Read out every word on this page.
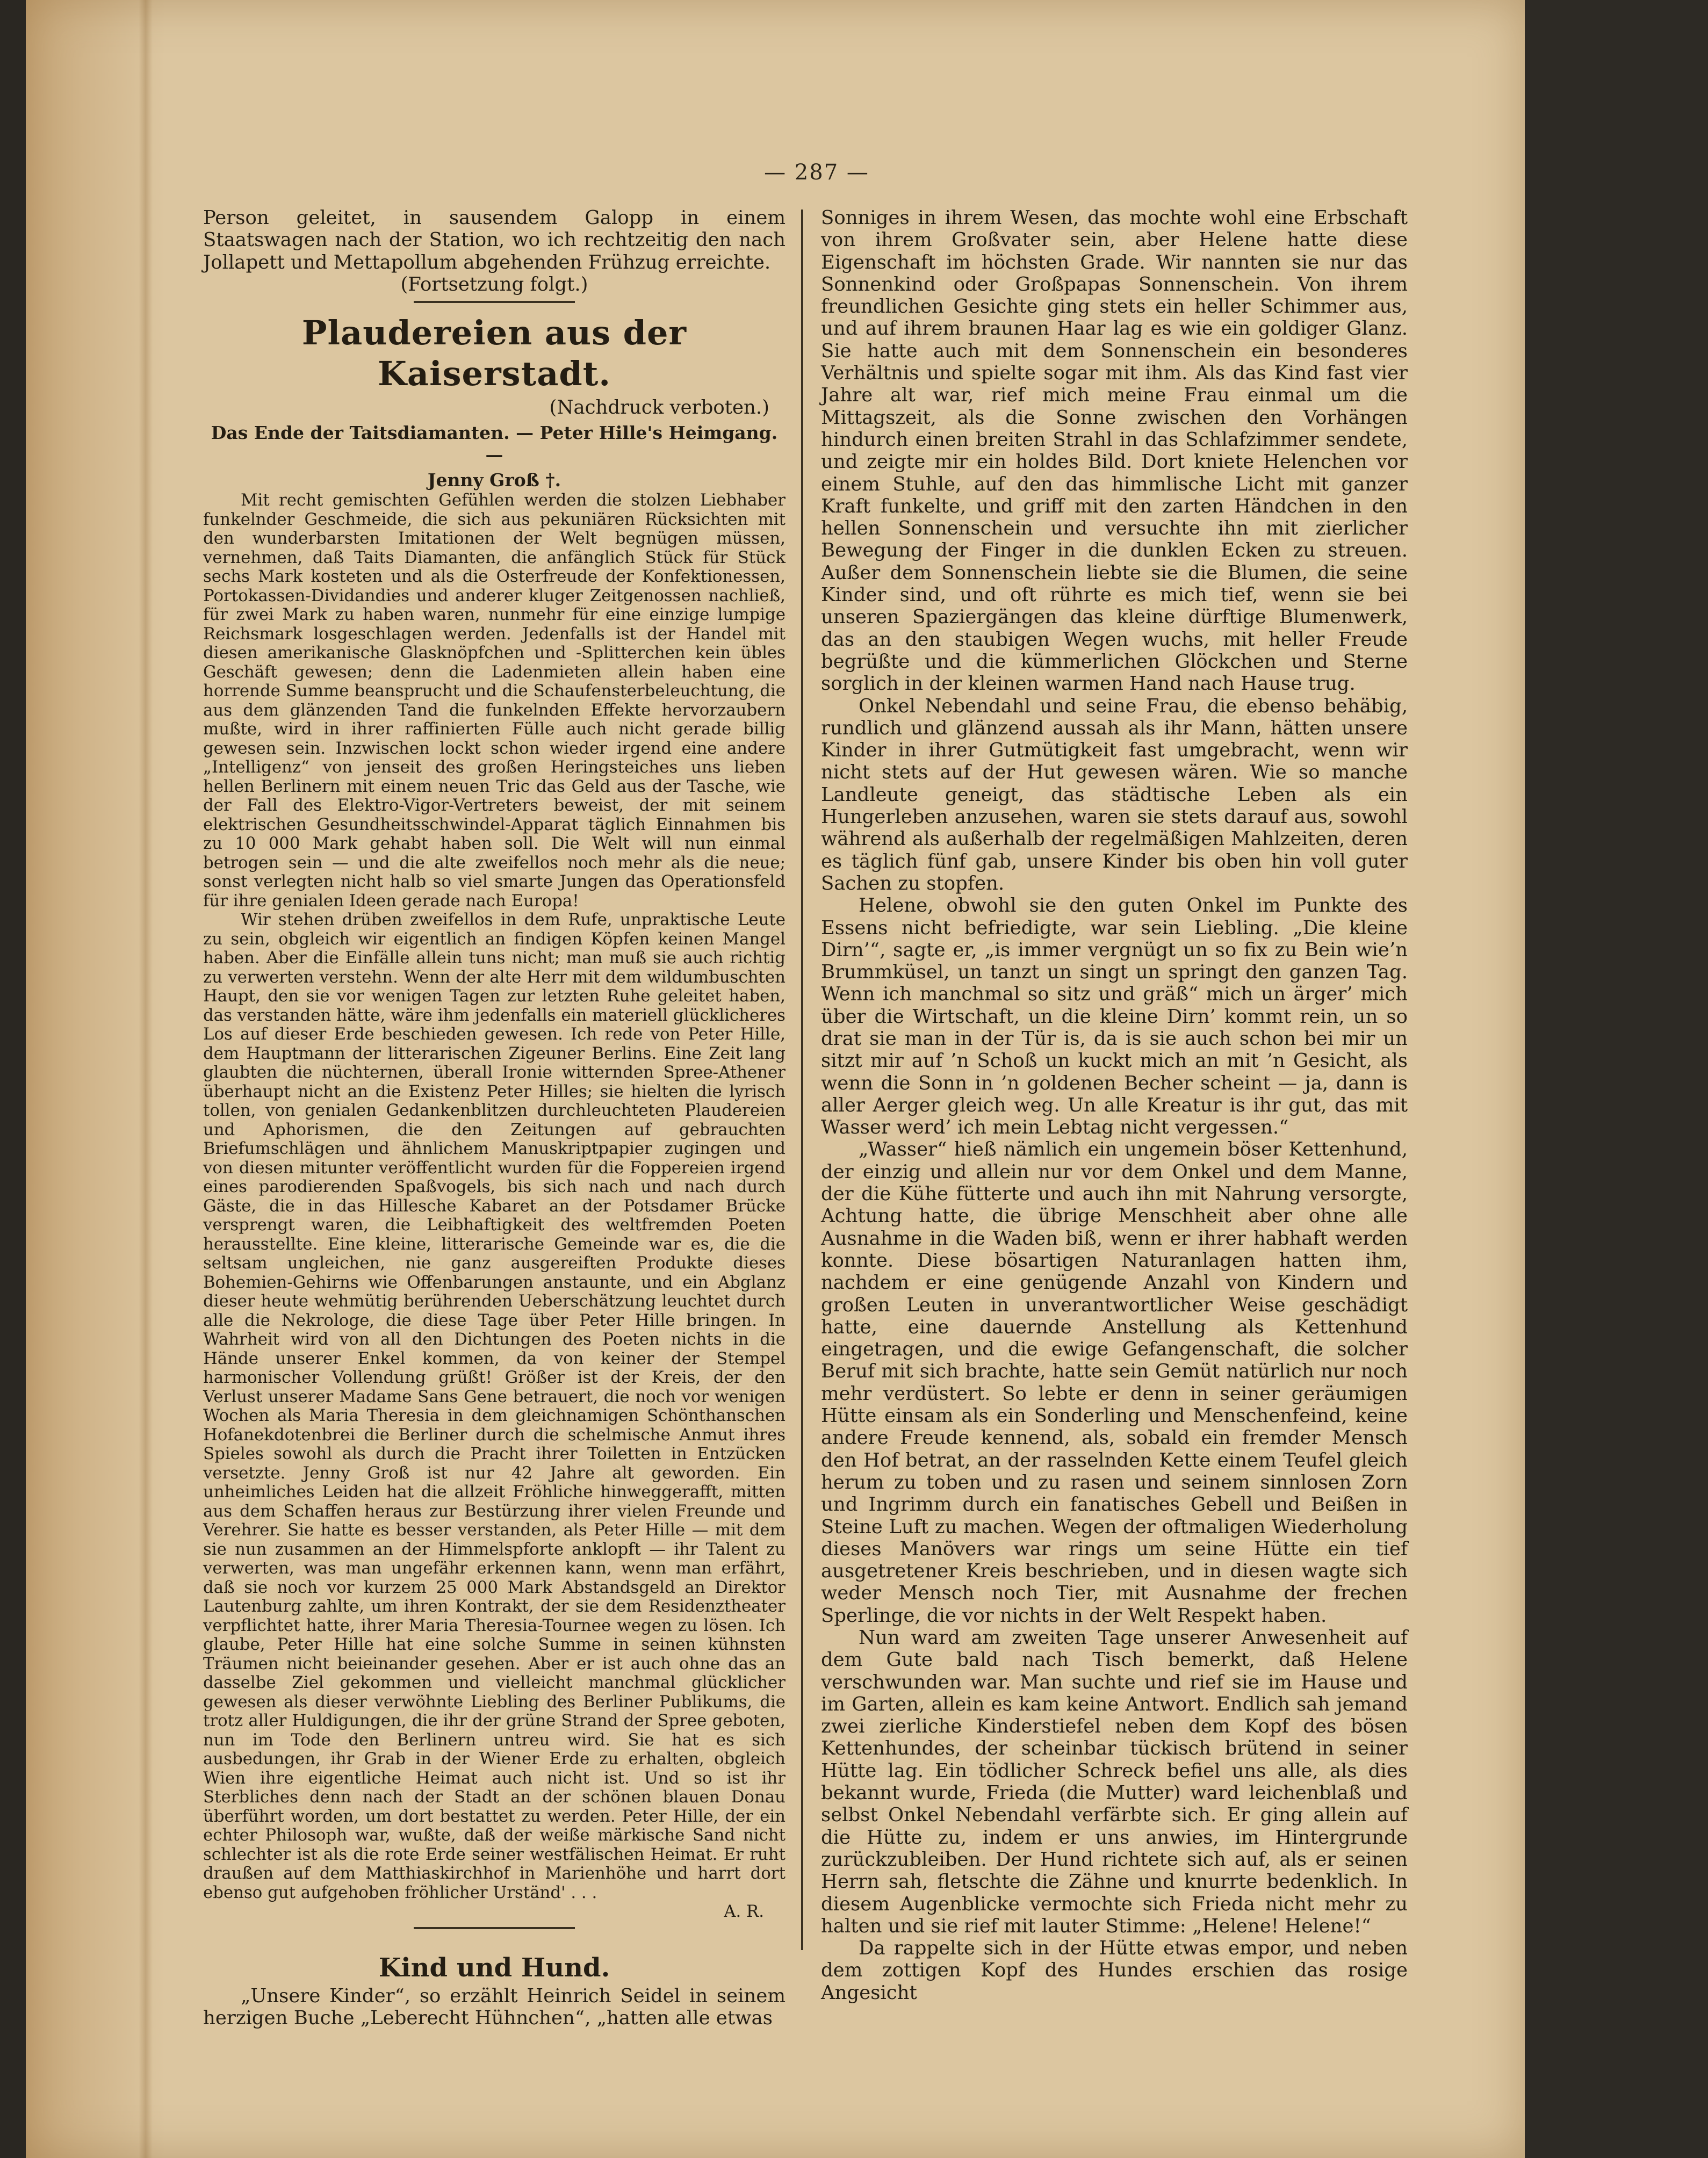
— 287 —

Person geleitet, in sausendem Galopp in einem Staatswagen nach der Station, wo ich rechtzeitig den nach Jollapett und Mettapollum abgehenden Frühzug erreichte.

(Fortsetzung folgt.)

Plaudereien aus der Kaiserstadt.

(Nachdruck verboten.)

Das Ende der Taitsdiamanten. — Peter Hille's Heimgang. —

Jenny Groß †.

Mit recht gemischten Gefühlen werden die stolzen Liebhaber funkelnder Geschmeide, die sich aus pekuniären Rücksichten mit den wunderbarsten Imitationen der Welt begnügen müssen, vernehmen, daß Taits Diamanten, die anfänglich Stück für Stück sechs Mark kosteten und als die Osterfreude der Konfektionessen, Portokassen-Dividandies und anderer kluger Zeitgenossen nachließ, für zwei Mark zu haben waren, nunmehr für eine einzige lumpige Reichsmark losgeschlagen werden. Jedenfalls ist der Handel mit diesen amerikanische Glasknöpfchen und -Splitterchen kein übles Geschäft gewesen; denn die Ladenmieten allein haben eine horrende Summe beansprucht und die Schaufensterbeleuchtung, die aus dem glänzenden Tand die funkelnden Effekte hervorzaubern mußte, wird in ihrer raffinierten Fülle auch nicht gerade billig gewesen sein. Inzwischen lockt schon wieder irgend eine andere „Intelligenz“ von jenseit des großen Heringsteiches uns lieben hellen Berlinern mit einem neuen Tric das Geld aus der Tasche, wie der Fall des Elektro-Vigor-Vertreters beweist, der mit seinem elektrischen Gesundheitsschwindel-Apparat täglich Einnahmen bis zu 10 000 Mark gehabt haben soll. Die Welt will nun einmal betrogen sein — und die alte zweifellos noch mehr als die neue; sonst verlegten nicht halb so viel smarte Jungen das Operationsfeld für ihre genialen Ideen gerade nach Europa!

Wir stehen drüben zweifellos in dem Rufe, unpraktische Leute zu sein, obgleich wir eigentlich an findigen Köpfen keinen Mangel haben. Aber die Einfälle allein tuns nicht; man muß sie auch richtig zu verwerten verstehn. Wenn der alte Herr mit dem wildumbuschten Haupt, den sie vor wenigen Tagen zur letzten Ruhe geleitet haben, das verstanden hätte, wäre ihm jedenfalls ein materiell glücklicheres Los auf dieser Erde beschieden gewesen. Ich rede von Peter Hille, dem Hauptmann der litterarischen Zigeuner Berlins. Eine Zeit lang glaubten die nüchternen, überall Ironie witternden Spree-Athener überhaupt nicht an die Existenz Peter Hilles; sie hielten die lyrisch tollen, von genialen Gedankenblitzen durchleuchteten Plaudereien und Aphorismen, die den Zeitungen auf gebrauchten Briefumschlägen und ähnlichem Manuskriptpapier zugingen und von diesen mitunter veröffentlicht wurden für die Foppereien irgend eines parodierenden Spaßvogels, bis sich nach und nach durch Gäste, die in das Hillesche Kabaret an der Potsdamer Brücke versprengt waren, die Leibhaftigkeit des weltfremden Poeten herausstellte. Eine kleine, litterarische Gemeinde war es, die die seltsam ungleichen, nie ganz ausgereiften Produkte dieses Bohemien-Gehirns wie Offenbarungen anstaunte, und ein Abglanz dieser heute wehmütig berührenden Ueberschätzung leuchtet durch alle die Nekrologe, die diese Tage über Peter Hille bringen. In Wahrheit wird von all den Dichtungen des Poeten nichts in die Hände unserer Enkel kommen, da von keiner der Stempel harmonischer Vollendung grüßt! Größer ist der Kreis, der den Verlust unserer Madame Sans Gene betrauert, die noch vor wenigen Wochen als Maria Theresia in dem gleichnamigen Schönthanschen Hofanekdotenbrei die Berliner durch die schelmische Anmut ihres Spieles sowohl als durch die Pracht ihrer Toiletten in Entzücken versetzte. Jenny Groß ist nur 42 Jahre alt geworden. Ein unheimliches Leiden hat die allzeit Fröhliche hinweggerafft, mitten aus dem Schaffen heraus zur Bestürzung ihrer vielen Freunde und Verehrer. Sie hatte es besser verstanden, als Peter Hille — mit dem sie nun zusammen an der Himmelspforte anklopft — ihr Talent zu verwerten, was man ungefähr erkennen kann, wenn man erfährt, daß sie noch vor kurzem 25 000 Mark Abstandsgeld an Direktor Lautenburg zahlte, um ihren Kontrakt, der sie dem Residenztheater verpflichtet hatte, ihrer Maria Theresia-Tournee wegen zu lösen. Ich glaube, Peter Hille hat eine solche Summe in seinen kühnsten Träumen nicht beieinander gesehen. Aber er ist auch ohne das an dasselbe Ziel gekommen und vielleicht manchmal glücklicher gewesen als dieser verwöhnte Liebling des Berliner Publikums, die trotz aller Huldigungen, die ihr der grüne Strand der Spree geboten, nun im Tode den Berlinern untreu wird. Sie hat es sich ausbedungen, ihr Grab in der Wiener Erde zu erhalten, obgleich Wien ihre eigentliche Heimat auch nicht ist. Und so ist ihr Sterbliches denn nach der Stadt an der schönen blauen Donau überführt worden, um dort bestattet zu werden. Peter Hille, der ein echter Philosoph war, wußte, daß der weiße märkische Sand nicht schlechter ist als die rote Erde seiner westfälischen Heimat. Er ruht draußen auf dem Matthiaskirchhof in Marienhöhe und harrt dort ebenso gut aufgehoben fröhlicher Urständ' . . .

A. R.

Kind und Hund.

„Unsere Kinder“, so erzählt Heinrich Seidel in seinem herzigen Buche „Leberecht Hühnchen“, „hatten alle etwas

Sonniges in ihrem Wesen, das mochte wohl eine Erbschaft von ihrem Großvater sein, aber Helene hatte diese Eigenschaft im höchsten Grade. Wir nannten sie nur das Sonnenkind oder Großpapas Sonnenschein. Von ihrem freundlichen Gesichte ging stets ein heller Schimmer aus, und auf ihrem braunen Haar lag es wie ein goldiger Glanz. Sie hatte auch mit dem Sonnenschein ein besonderes Verhältnis und spielte sogar mit ihm. Als das Kind fast vier Jahre alt war, rief mich meine Frau einmal um die Mittagszeit, als die Sonne zwischen den Vorhängen hindurch einen breiten Strahl in das Schlafzimmer sendete, und zeigte mir ein holdes Bild. Dort kniete Helenchen vor einem Stuhle, auf den das himmlische Licht mit ganzer Kraft funkelte, und griff mit den zarten Händchen in den hellen Sonnenschein und versuchte ihn mit zierlicher Bewegung der Finger in die dunklen Ecken zu streuen. Außer dem Sonnenschein liebte sie die Blumen, die seine Kinder sind, und oft rührte es mich tief, wenn sie bei unseren Spaziergängen das kleine dürftige Blumenwerk, das an den staubigen Wegen wuchs, mit heller Freude begrüßte und die kümmerlichen Glöckchen und Sterne sorglich in der kleinen warmen Hand nach Hause trug.

Onkel Nebendahl und seine Frau, die ebenso behäbig, rundlich und glänzend aussah als ihr Mann, hätten unsere Kinder in ihrer Gutmütigkeit fast umgebracht, wenn wir nicht stets auf der Hut gewesen wären. Wie so manche Landleute geneigt, das städtische Leben als ein Hungerleben anzusehen, waren sie stets darauf aus, sowohl während als außerhalb der regelmäßigen Mahlzeiten, deren es täglich fünf gab, unsere Kinder bis oben hin voll guter Sachen zu stopfen.

Helene, obwohl sie den guten Onkel im Punkte des Essens nicht befriedigte, war sein Liebling. „Die kleine Dirn’“, sagte er, „is immer vergnügt un so fix zu Bein wie’n Brummküsel, un tanzt un singt un springt den ganzen Tag. Wenn ich manchmal so sitz und gräß“ mich un ärger’ mich über die Wirtschaft, un die kleine Dirn’ kommt rein, un so drat sie man in der Tür is, da is sie auch schon bei mir un sitzt mir auf ’n Schoß un kuckt mich an mit ’n Gesicht, als wenn die Sonn in ’n goldenen Becher scheint — ja, dann is aller Aerger gleich weg. Un alle Kreatur is ihr gut, das mit Wasser werd’ ich mein Lebtag nicht vergessen.“

„Wasser“ hieß nämlich ein ungemein böser Kettenhund, der einzig und allein nur vor dem Onkel und dem Manne, der die Kühe fütterte und auch ihn mit Nahrung versorgte, Achtung hatte, die übrige Menschheit aber ohne alle Ausnahme in die Waden biß, wenn er ihrer habhaft werden konnte. Diese bösartigen Naturanlagen hatten ihm, nachdem er eine genügende Anzahl von Kindern und großen Leuten in unverantwortlicher Weise geschädigt hatte, eine dauernde Anstellung als Kettenhund eingetragen, und die ewige Gefangenschaft, die solcher Beruf mit sich brachte, hatte sein Gemüt natürlich nur noch mehr verdüstert. So lebte er denn in seiner geräumigen Hütte einsam als ein Sonderling und Menschenfeind, keine andere Freude kennend, als, sobald ein fremder Mensch den Hof betrat, an der rasselnden Kette einem Teufel gleich herum zu toben und zu rasen und seinem sinnlosen Zorn und Ingrimm durch ein fanatisches Gebell und Beißen in Steine Luft zu machen. Wegen der oftmaligen Wiederholung dieses Manövers war rings um seine Hütte ein tief ausgetretener Kreis beschrieben, und in diesen wagte sich weder Mensch noch Tier, mit Ausnahme der frechen Sperlinge, die vor nichts in der Welt Respekt haben.

Nun ward am zweiten Tage unserer Anwesenheit auf dem Gute bald nach Tisch bemerkt, daß Helene verschwunden war. Man suchte und rief sie im Hause und im Garten, allein es kam keine Antwort. Endlich sah jemand zwei zierliche Kinderstiefel neben dem Kopf des bösen Kettenhundes, der scheinbar tückisch brütend in seiner Hütte lag. Ein tödlicher Schreck befiel uns alle, als dies bekannt wurde, Frieda (die Mutter) ward leichenblaß und selbst Onkel Nebendahl verfärbte sich. Er ging allein auf die Hütte zu, indem er uns anwies, im Hintergrunde zurückzubleiben. Der Hund richtete sich auf, als er seinen Herrn sah, fletschte die Zähne und knurrte bedenklich. In diesem Augenblicke vermochte sich Frieda nicht mehr zu halten und sie rief mit lauter Stimme: „Helene! Helene!“

Da rappelte sich in der Hütte etwas empor, und neben dem zottigen Kopf des Hundes erschien das rosige Angesicht
